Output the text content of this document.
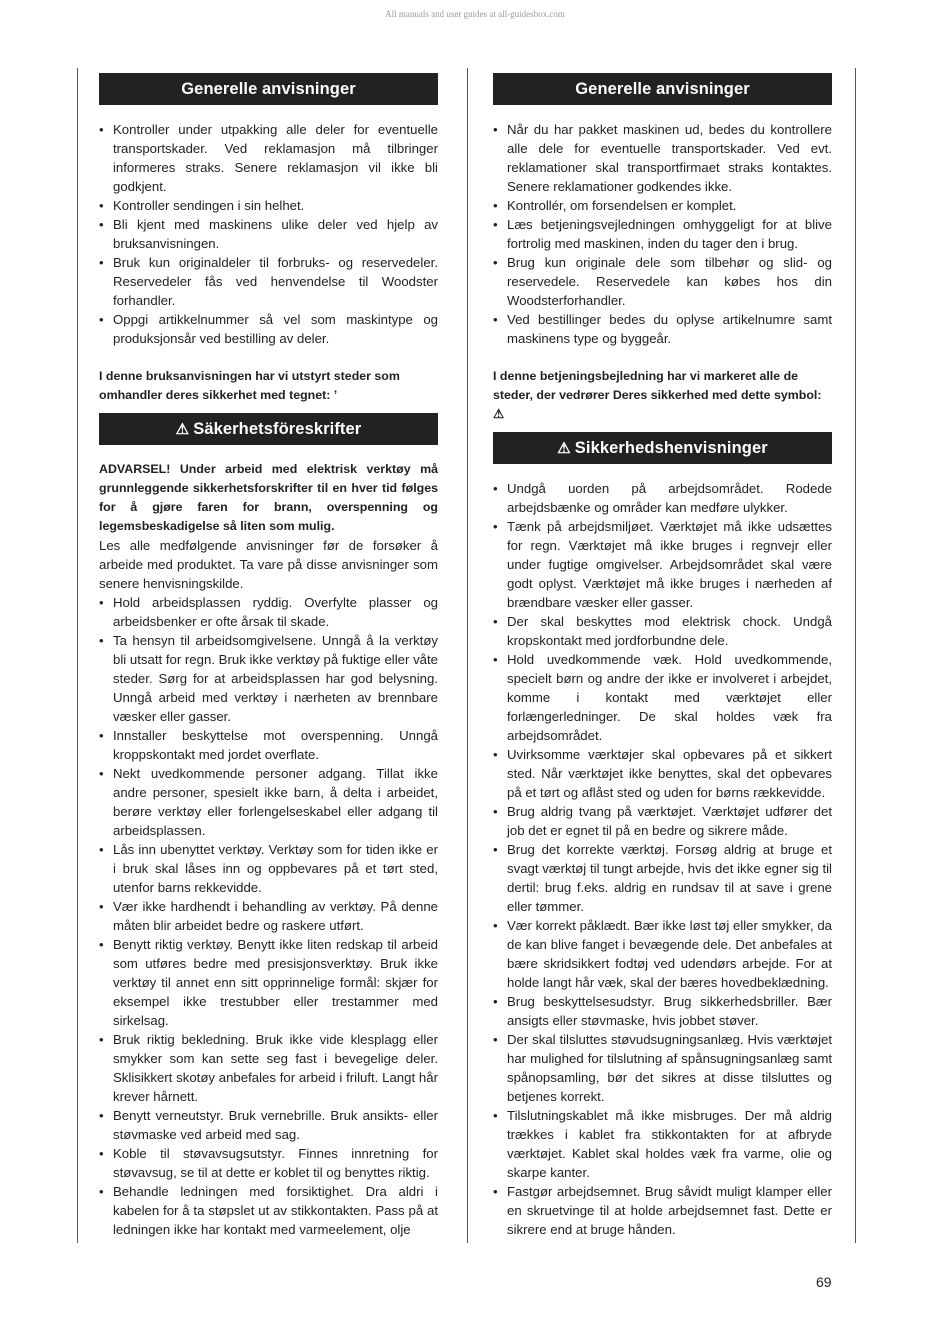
All manuals and user guides at all-guidesbox.com
Generelle anvisninger
• Kontroller under utpakking alle deler for eventuelle transportskader. Ved reklamasjon må tilbringer informeres straks. Senere reklamasjon vil ikke bli godkjent.
• Kontroller sendingen i sin helhet.
• Bli kjent med maskinens ulike deler ved hjelp av bruksanvisningen.
• Bruk kun originaldeler til forbruks- og reservedeler. Reservedeler fås ved henvendelse til Woodster forhandler.
• Oppgi artikkelnummer så vel som maskintype og produksjonsår ved bestilling av deler.
I denne bruksanvisningen har vi utstyrt steder som omhandler deres sikkerhet med tegnet: ’
⚠ Säkerhetsföreskrifter
ADVARSEL! Under arbeid med elektrisk verktøy må grunnleggende sikkerhetsforskrifter til en hver tid følges for å gjøre faren for brann, overspenning og legemsbeskadigelse så liten som mulig.
Les alle medfølgende anvisninger før de forsøker å arbeide med produktet. Ta vare på disse anvisninger som senere henvisningskilde.
• Hold arbeidsplassen ryddig. Overfylte plasser og arbeidsbenker er ofte årsak til skade.
• Ta hensyn til arbeidsomgivelsene. Unngå å la verktøy bli utsatt for regn. Bruk ikke verktøy på fuktige eller våte steder. Sørg for at arbeidsplassen har god belysning. Unngå arbeid med verktøy i nærheten av brennbare væsker eller gasser.
• Innstaller beskyttelse mot overspenning. Unngå kroppskontakt med jordet overflate.
• Nekt uvedkommende personer adgang. Tillat ikke andre personer, spesielt ikke barn, å delta i arbeidet, berøre verktøy eller forlengelseskabel eller adgang til arbeidsplassen.
• Lås inn ubenyttet verktøy. Verktøy som for tiden ikke er i bruk skal låses inn og oppbevares på et tørt sted, utenfor barns rekkevidde.
• Vær ikke hardhendt i behandling av verktøy. På denne måten blir arbeidet bedre og raskere utført.
• Benytt riktig verktøy. Benytt ikke liten redskap til arbeid som utføres bedre med presisjonsverktøy. Bruk ikke verktøy til annet enn sitt opprinnelige formål: skjær for eksempel ikke trestubber eller trestammer med sirkelsag.
• Bruk riktig bekledning. Bruk ikke vide klesplagg eller smykker som kan sette seg fast i bevegelige deler. Sklisikkert skotøy anbefales for arbeid i friluft. Langt hår krever hårnett.
• Benytt verneutstyr. Bruk vernebrille. Bruk ansikts- eller støvmaske ved arbeid med sag.
• Koble til støvavsugsutstyr. Finnes innretning for støvavsug, se til at dette er koblet til og benyttes riktig.
• Behandle ledningen med forsiktighet. Dra aldri i kabelen for å ta støpslet ut av stikkontakten. Pass på at ledningen ikke har kontakt med varmeelement, olje
Generelle anvisninger
• Når du har pakket maskinen ud, bedes du kontrollere alle dele for eventuelle transportskader. Ved evt. reklamationer skal transportfirmaet straks kontaktes. Senere reklamationer godkendes ikke.
• Kontrollér, om forsendelsen er komplet.
• Læs betjeningsvejledningen omhyggeligt for at blive fortrolig med maskinen, inden du tager den i brug.
• Brug kun originale dele som tilbehør og slid- og reservedele. Reservedele kan købes hos din Woodsterforhandler.
• Ved bestillinger bedes du oplyse artikelnumre samt maskinens type og byggeår.
I denne betjeningsbejledning har vi markeret alle de steder, der vedrører Deres sikkerhed med dette symbol: ⚠
⚠ Sikkerhedshenvisninger
• Undgå uorden på arbejdsområdet. Rodede arbejdsbænke og områder kan medføre ulykker.
• Tænk på arbejdsmiljøet. Værktøjet må ikke udsættes for regn. Værktøjet må ikke bruges i regnvejr eller under fugtige omgivelser. Arbejdsområdet skal være godt oplyst. Værktøjet må ikke bruges i nærheden af brændbare væsker eller gasser.
• Der skal beskyttes mod elektrisk chock. Undgå kropskontakt med jordforbundne dele.
• Hold uvedkommende væk. Hold uvedkommende, specielt børn og andre der ikke er involveret i arbejdet, komme i kontakt med værktøjet eller forlængerledninger. De skal holdes væk fra arbejdsområdet.
• Uvirksomme værktøjer skal opbevares på et sikkert sted. Når værktøjet ikke benyttes, skal det opbevares på et tørt og aflåst sted og uden for børns rækkevidde.
• Brug aldrig tvang på værktøjet. Værktøjet udfører det job det er egnet til på en bedre og sikrere måde.
• Brug det korrekte værktøj. Forsøg aldrig at bruge et svagt værktøj til tungt arbejde, hvis det ikke egner sig til dertil: brug f.eks. aldrig en rundsav til at save i grene eller tømmer.
• Vær korrekt påklædt. Bær ikke løst tøj eller smykker, da de kan blive fanget i bevægende dele. Det anbefales at bære skridsikkert fodtøj ved udendørs arbejde. For at holde langt hår væk, skal der bæres hovedbeklædning.
• Brug beskyttelsesudstyr. Brug sikkerhedsbriller. Bær ansigts eller støvmaske, hvis jobbet støver.
• Der skal tilsluttes støvudsugningsanlæg. Hvis værktøjet har mulighed for tilslutning af spånsugningsanlæg samt spånopsamling, bør det sikres at disse tilsluttes og betjenes korrekt.
• Tilslutningskablet må ikke misbruges. Der må aldrig trækkes i kablet fra stikkontakten for at afbryde værktøjet. Kablet skal holdes væk fra varme, olie og skarpe kanter.
• Fastgør arbejdsemnet. Brug såvidt muligt klamper eller en skruetvinge til at holde arbejdsemnet fast. Dette er sikrere end at bruge hånden.
69
